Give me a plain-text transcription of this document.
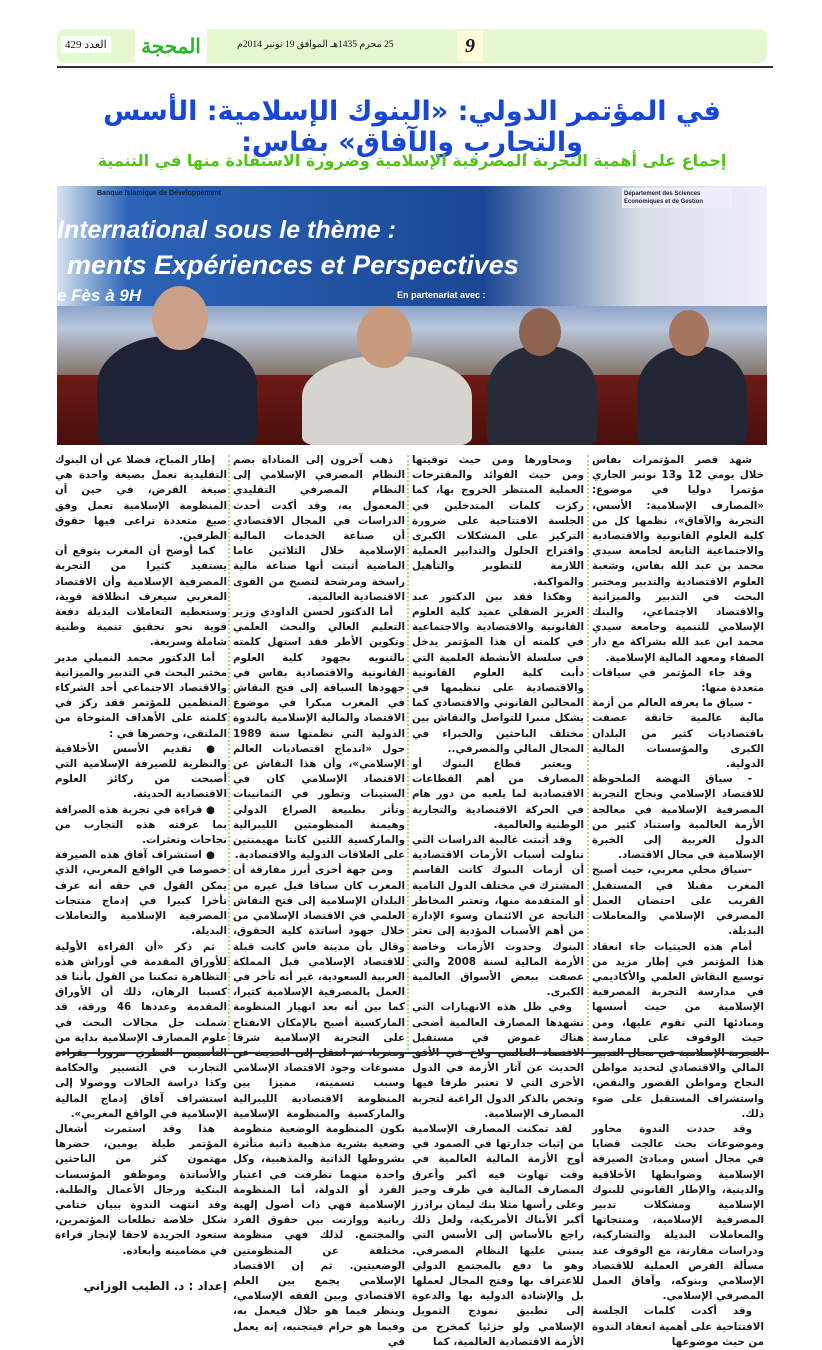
العدد 429	المحجة	25 محرم 1435هـ الموافق 19 نونبر 2014م	9
في المؤتمر الدولي: «البنوك الإسلامية: الأسس والتجارب والآفاق» بفاس:
إجماع على أهمية التجربة المصرفية الإسلامية وضرورة الاستفادة منها في التنمية
Banque Islamique de Développement	Département des Sciences Economiques et de Gestion
International sous le thème :
ments Expériences et Perspectives
e Fès à 9H	En partenariat avec :

شهد قصر المؤتمرات بفاس خلال يومي 12 و13 نونبر الجاري مؤتمرا دوليا في موضوع: «المصارف الإسلامية: الأسس، التجربة والآفاق»، نظمها كل من كلية العلوم القانونية والاقتصادية والاجتماعية التابعة لجامعة سيدي محمد بن عبد الله بفاس، وشعبة العلوم الاقتصادية والتدبير ومختبر البحث في التدبير والميزانية والاقتصاد الاجتماعي، والبنك الإسلامي للتنمية وجامعة سيدي محمد ابن عبد الله بشراكة مع دار الصفاء ومعهد المالية الإسلامية.

وقد جاء المؤتمر في سياقات متعددة منها:

- سياق ما يعرفه العالم من أزمة مالية عالمية خانقة عصفت باقتصاديات كثير من البلدان الكبرى والمؤسسات المالية الدولية.

- سياق النهضة الملحوظة للاقتصاد الإسلامي ونجاح التجربة المصرفية الإسلامية في معالجة الأزمة العالمية واستناد كثير من الدول الغربية إلى الخبرة الإسلامية في مجال الاقتصاد.

-سياق محلي مغربي، حيث أصبح المغرب مقبلا في المستقبل القريب على احتضان العمل المصرفي الإسلامي والمعاملات البديلة.

أمام هذه الحيثيات جاء انعقاد هذا المؤتمر في إطار مزيد من توسيع النقاش العلمي والأكاديمي في مدارسة التجربة المصرفية الإسلامية من حيث أسسها ومبادئها التي تقوم عليها، ومن حيث الوقوف على ممارسة التجربة الإسلامية في مجال التدبير المالي والاقتصادي لتحديد مواطن النجاح ومواطن القصور والنقص، واستشراف المستقبل على ضوء ذلك.

وقد حددت الندوة محاور وموضوعات بحث عالجت قضايا في مجال أسس ومبادئ الصيرفة الإسلامية وضوابطها الأخلاقية والدينية، والإطار القانوني للبنوك الإسلامية ومشكلات تدبير المصرفية الإسلامية، ومنتجاتها والمعاملات البديلة والتشاركية، ودراسات مقارنة، مع الوقوف عند مسألة الفرص العملية للاقتصاد الإسلامي وبنوكه، وآفاق العمل المصرفي الإسلامي.

وقد أكدت كلمات الجلسة الافتتاحية على أهمية انعقاد الندوة من حيث موضوعها

ومحاورها ومن حيث توقيتها ومن حيث الفوائد والمقترحات العملية المنتظر الخروج بها، كما ركزت كلمات المتدخلين في الجلسة الافتتاحية على ضرورة التركيز على المشكلات الكبرى واقتراح الحلول والتدابير العملية اللازمة للتطوير والتأهيل والمواكبة.

وهكذا فقد بين الدكتور عبد العزيز الصقلي عميد كلية العلوم القانونية والاقتصادية والاجتماعية في كلمته أن هذا المؤتمر يدخل في سلسلة الأنشطة العلمية التي دأبت كلية العلوم القانونية والاقتصادية على تنظيمها في المجالين القانوني والاقتصادي كما يشكل منبرا للتواصل والنقاش بين مختلف الباحثين والخبراء في المجال المالي والمصرفي..

ويعتبر قطاع البنوك أو المصارف من أهم القطاعات الاقتصادية لما يلعبه من دور هام في الحركة الاقتصادية والتجارية الوطنية والعالمية.

وقد أثبتت غالبية الدراسات التي تناولت أسباب الأزمات الاقتصادية أن أزمات البنوك كانت القاسم المشترك في مختلف الدول النامية أو المتقدمة منها، وتعتبر المخاطر الناتجة عن الائتمان وسوء الإدارة من أهم الأسباب المؤدية إلى تعثر البنوك وحدوث الأزمات وخاصة الأزمة المالية لسنة 2008 والتي عصفت ببعض الأسواق العالمية الكبرى.

وفي ظل هذه الانهيارات التي تشهدها المصارف العالمية أضحى هناك غموض في مستقبل الاقتصاد العالمي ولاح في الأفق الحديث عن آثار الأزمة في الدول الأخرى التي لا تعتبر طرفا فيها وتخص بالذكر الدول الراغبة لتجربة المصارف الإسلامية.

لقد تمكنت المصارف الإسلامية من إثبات جدارتها في الصمود في أوج الأزمة المالية العالمية في وقت تهاوت فيه أكبر وأعرق المصارف المالية في ظرف وجيز وعلى رأسها مثلا بنك ليمان براذرز أكبر الأبناك الأمريكية، ولعل ذلك راجع بالأساس إلى الأسس التي ينبني عليها النظام المصرفي. وهو ما دفع بالمجتمع الدولي للاعتراف بها وفتح المجال لعملها بل والإشادة الدولية بها والدعوة إلى تطبيق نموذج التمويل الإسلامي ولو جزئيا كمخرج من الأزمة الاقتصادية العالمية، كما

ذهب آخرون إلى المناداة بضم النظام المصرفي الإسلامي إلى النظام المصرفي التقليدي المعمول به، وقد أكدت أحدث الدراسات في المجال الاقتصادي أن صناعة الخدمات المالية الإسلامية خلال الثلاثين عاما الماضية أثبتت أنها صناعة مالية راسخة ومرشحة لتصبح من القوى الاقتصادية العالمية.

أما الدكتور لحسن الداودي وزير التعليم العالي والبحث العلمي وتكوين الأطر فقد استهل كلمته بالتنويه بجهود كلية العلوم القانونية والاقتصادية بفاس في جهودها السباقة إلى فتح النقاش في المغرب مبكرا في موضوع الاقتصاد والمالية الإسلامية بالندوة الدولية التي نظمتها سنة 1989 حول «اندماج اقتصاديات العالم الإسلامي»، وأن هذا النقاش عن الاقتصاد الإسلامي كان في الستينات وتطور في الثمانينات وتأثر بطبيعة الصراع الدولي وهيمنة المنظومتين الليبرالية والماركسية اللتين كانتا مهيمنتين على العلاقات الدولية والاقتصادية.

ومن جهة أخرى أبرز مفارقة أن المغرب كان سباقا قبل غيره من البلدان الإسلامية إلى فتح النقاش العلمي في الاقتصاد الإسلامي من خلال جهود أساتذة كلية الحقوق، وقال بأن مدينة فاس كانت قبلة للاقتصاد الإسلامي قبل المملكة العربية السعودية، غير أنه تأخر في العمل بالمصرفية الإسلامية كثيرا، كما بين أنه بعد انهيار المنظومة الماركسية أصبح بالإمكان الانفتاح على التجربة الإسلامية شرقا ومغربا، ثم انتقل إلى الحديث عن مسوغات وجود الاقتصاد الإسلامي وسبب تسميته، مميزا بين المنظومة الاقتصادية الليبرالية والماركسية والمنظومة الإسلامية بكون المنظومة الوضعية منظومة وضعية بشرية مذهبية ذاتية متأثرة بشروطها الذاتية والمذهبية، وكل واحدة منهما تطرفت في اعتبار الفرد أو الدولة، أما المنظومة الإسلامية فهي ذات أصول إلهية ربانية ووازنت بين حقوق الفرد والمجتمع. لذلك فهي منظومة مختلفة عن المنظومتين الوضعيتين. ثم إن الاقتصاد الإسلامي يجمع بين العلم الاقتصادي وبين الفقه الإسلامي، وينظر فيما هو حلال فيعمل به، وفيما هو حرام فيتجنبه، إنه يعمل في

إطار المباح، فضلا عن أن البنوك التقليدية تعمل بصيغة واحدة هي صيغة القرض، في حين أن المنظومة الإسلامية تعمل وفق صيغ متعددة تراعى فيها حقوق الطرفين.

كما أوضح أن المغرب يتوقع أن يستفيد كثيرا من التجربة المصرفية الإسلامية وأن الاقتصاد المغربي سيعرف انطلاقة قوية، وستعطيه التعاملات البديلة دفعة قوية نحو تحقيق تنمية وطنية شاملة وسريعة.

أما الدكتور محمد النميلي مدير مختبر البحث في التدبير والميزانية والاقتصاد الاجتماعي أحد الشركاء المنظمين للمؤتمر فقد ركز في كلمته على الأهداف المتوخاة من الملتقى، وحصرها في :

● تقديم الأسس الأخلاقية والنظرية للصيرفة الإسلامية التي أصبحت من ركائز العلوم الاقتصادية الحديثة.

● قراءة في تجربة هذه الصرافة بما عرفته هذه التجارب من نجاحات وتعثرات.

● استشراف آفاق هذه الصيرفة خصوصا في الواقع المغربي، الذي يمكن القول في حقه أنه عرف تأخرا كبيرا في إدماج منتجات المصرفية الإسلامية والتعاملات البديلة.

ثم ذكر «أن القراءة الأولية للأوراق المقدمة في أوراش هذه التظاهرة تمكننا من القول بأننا قد كسبنا الرهان، ذلك أن الأوراق المقدمة وعددها 46 ورقة، قد شملت جل مجالات البحث في علوم المصارف الإسلامية بداية من التأسيس النظري مرورا بقراءة التجارب في التسيير والحكامة وكذا دراسة الحالات ووصولا إلى استشراف آفاق إدماج المالية الإسلامية في الواقع المغربي».

هذا وقد استمرت أشغال المؤتمر طيلة يومين، حضرها مهتمون كثر من الباحثين والأساتذة وموظفو المؤسسات البنكية ورجال الأعمال والطلبة. وقد انتهت الندوة ببيان ختامي شكل خلاصة تطلعات المؤتمرين، ستعود الجريدة لاحقا لإنجاز قراءة في مضامينه وأبعاده.

إعداد : د. الطيب الوزاني
